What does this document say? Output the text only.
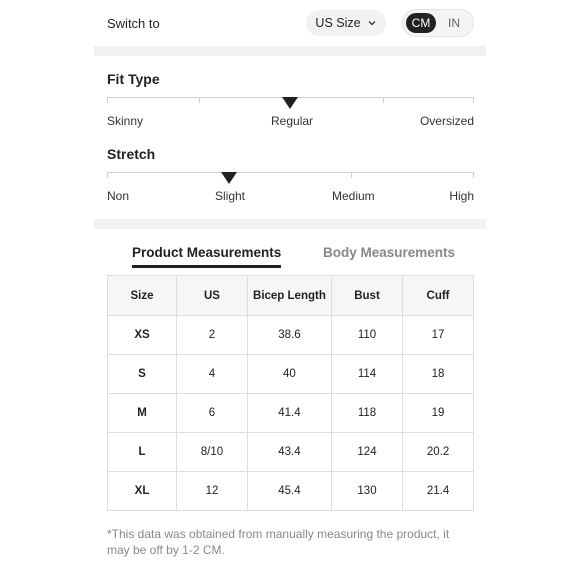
Switch to	US Size	CM	IN
Fit Type
Skinny	Regular	Oversized
Stretch
Non	Slight	Medium	High
Product Measurements	Body Measurements
Size	US	Bicep Length	Bust	Cuff
XS	2	38.6	110	17
S	4	40	114	18
M	6	41.4	118	19
L	8/10	43.4	124	20.2
XL	12	45.4	130	21.4
*This data was obtained from manually measuring the product, it may be off by 1-2 CM.
